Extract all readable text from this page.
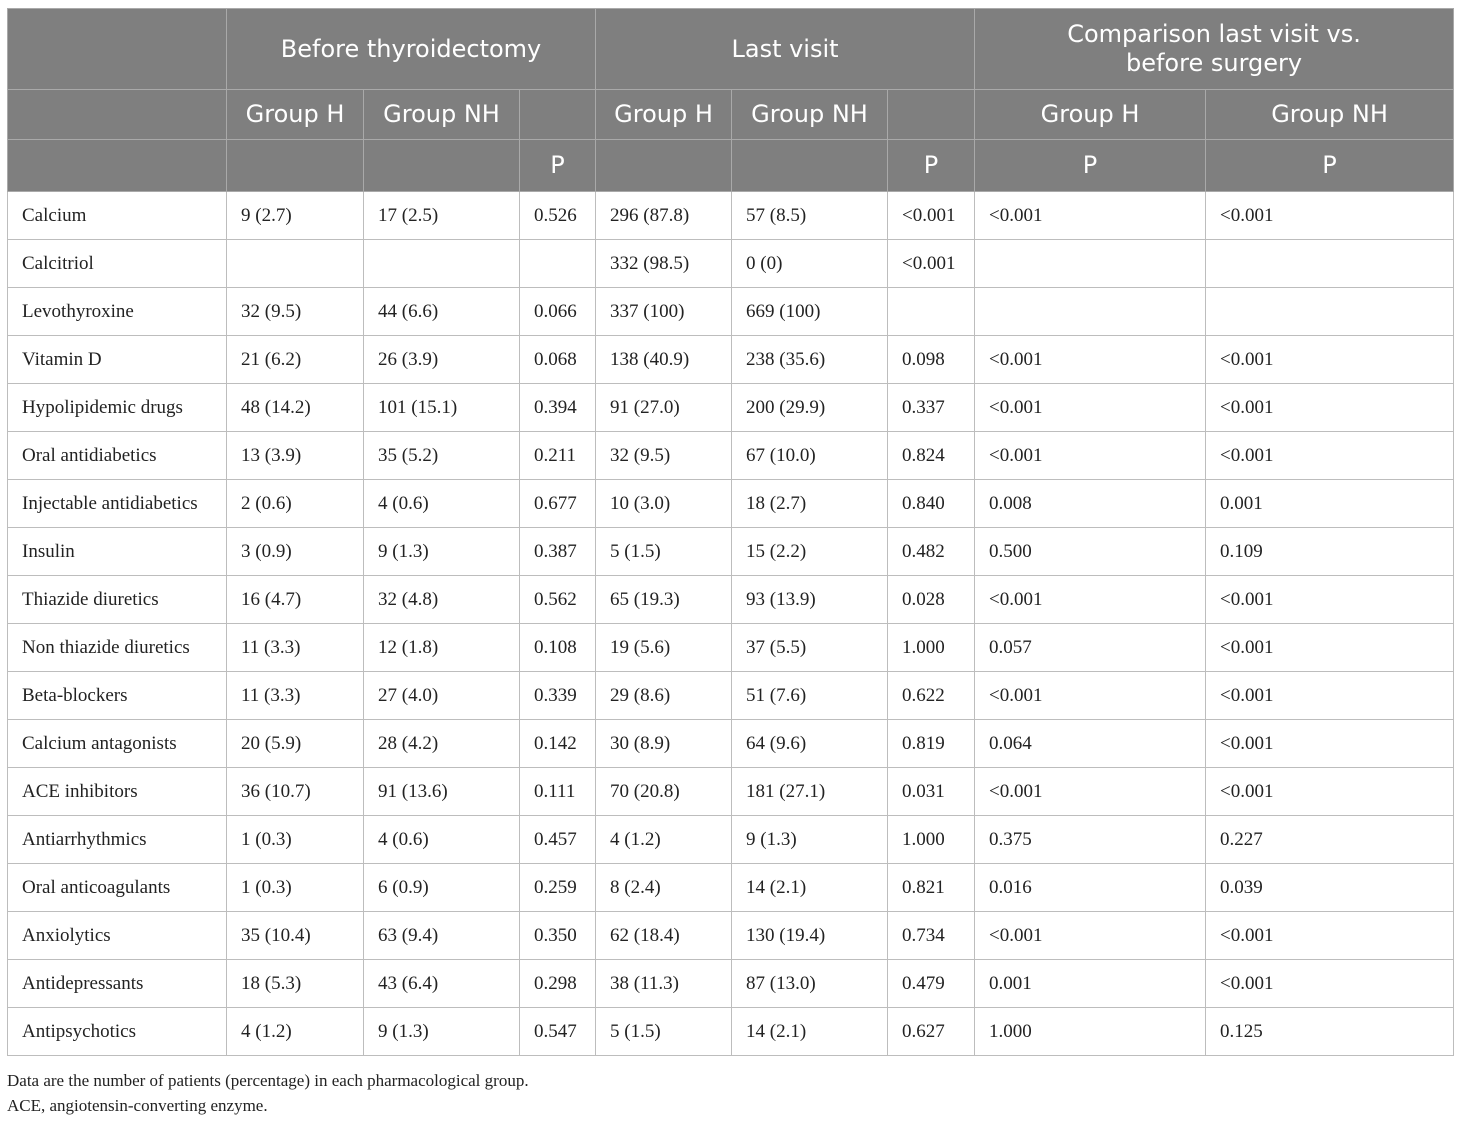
	Before thyroidectomy			Last visit			Comparison last visit vs. before surgery	

	Group H	Group NH		Group H	Group NH		Group H	Group NH
			P			P	P	P
Calcium	9 (2.7)	17 (2.5)	0.526	296 (87.8)	57 (8.5)	<0.001	<0.001	<0.001
Calcitriol				332 (98.5)	0 (0)	<0.001		
Levothyroxine	32 (9.5)	44 (6.6)	0.066	337 (100)	669 (100)			
Vitamin D	21 (6.2)	26 (3.9)	0.068	138 (40.9)	238 (35.6)	0.098	<0.001	<0.001
Hypolipidemic drugs	48 (14.2)	101 (15.1)	0.394	91 (27.0)	200 (29.9)	0.337	<0.001	<0.001
Oral antidiabetics	13 (3.9)	35 (5.2)	0.211	32 (9.5)	67 (10.0)	0.824	<0.001	<0.001
Injectable antidiabetics	2 (0.6)	4 (0.6)	0.677	10 (3.0)	18 (2.7)	0.840	0.008	0.001
Insulin	3 (0.9)	9 (1.3)	0.387	5 (1.5)	15 (2.2)	0.482	0.500	0.109
Thiazide diuretics	16 (4.7)	32 (4.8)	0.562	65 (19.3)	93 (13.9)	0.028	<0.001	<0.001
Non thiazide diuretics	11 (3.3)	12 (1.8)	0.108	19 (5.6)	37 (5.5)	1.000	0.057	<0.001
Beta-blockers	11 (3.3)	27 (4.0)	0.339	29 (8.6)	51 (7.6)	0.622	<0.001	<0.001
Calcium antagonists	20 (5.9)	28 (4.2)	0.142	30 (8.9)	64 (9.6)	0.819	0.064	<0.001
ACE inhibitors	36 (10.7)	91 (13.6)	0.111	70 (20.8)	181 (27.1)	0.031	<0.001	<0.001
Antiarrhythmics	1 (0.3)	4 (0.6)	0.457	4 (1.2)	9 (1.3)	1.000	0.375	0.227
Oral anticoagulants	1 (0.3)	6 (0.9)	0.259	8 (2.4)	14 (2.1)	0.821	0.016	0.039
Anxiolytics	35 (10.4)	63 (9.4)	0.350	62 (18.4)	130 (19.4)	0.734	<0.001	<0.001
Antidepressants	18 (5.3)	43 (6.4)	0.298	38 (11.3)	87 (13.0)	0.479	0.001	<0.001
Antipsychotics	4 (1.2)	9 (1.3)	0.547	5 (1.5)	14 (2.1)	0.627	1.000	0.125
Data are the number of patients (percentage) in each pharmacological group.
ACE, angiotensin-converting enzyme.
